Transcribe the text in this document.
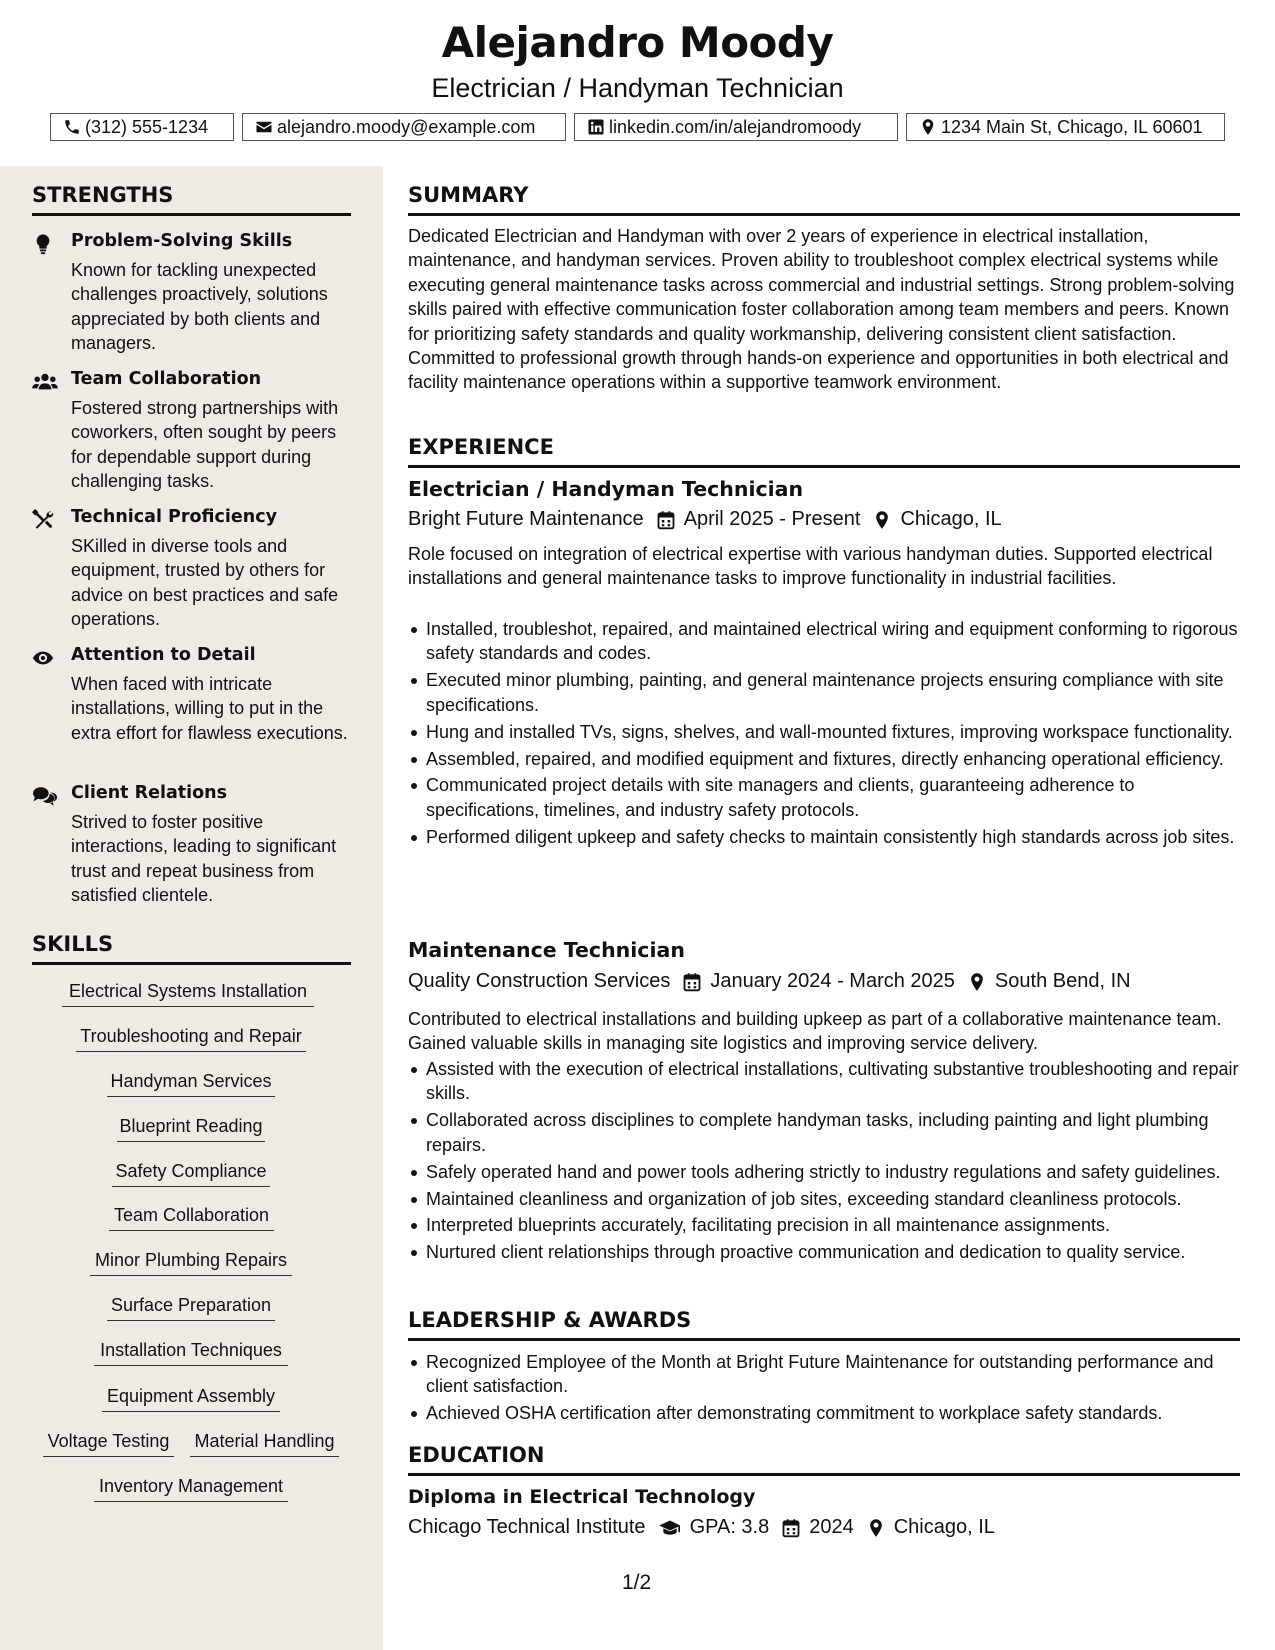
Alejandro Moody
Electrician / Handyman Technician
(312) 555-1234	alejandro.moody@example.com	linkedin.com/in/alejandromoody	1234 Main St, Chicago, IL 60601
STRENGTHS
Problem-Solving Skills
Known for tackling unexpected challenges proactively, solutions appreciated by both clients and managers.
Team Collaboration
Fostered strong partnerships with coworkers, often sought by peers for dependable support during challenging tasks.
Technical Proficiency
SKilled in diverse tools and equipment, trusted by others for advice on best practices and safe operations.
Attention to Detail
When faced with intricate installations, willing to put in the extra effort for flawless executions.
Client Relations
Strived to foster positive interactions, leading to significant trust and repeat business from satisfied clientele.
SKILLS
Electrical Systems Installation
Troubleshooting and Repair
Handyman Services
Blueprint Reading
Safety Compliance
Team Collaboration
Minor Plumbing Repairs
Surface Preparation
Installation Techniques
Equipment Assembly
Voltage Testing Material Handling
Inventory Management
SUMMARY
Dedicated Electrician and Handyman with over 2 years of experience in electrical installation, maintenance, and handyman services. Proven ability to troubleshoot complex electrical systems while executing general maintenance tasks across commercial and industrial settings. Strong problem-solving skills paired with effective communication foster collaboration among team members and peers. Known for prioritizing safety standards and quality workmanship, delivering consistent client satisfaction. Committed to professional growth through hands-on experience and opportunities in both electrical and facility maintenance operations within a supportive teamwork environment.
EXPERIENCE
Electrician / Handyman Technician
Bright Future Maintenance April 2025 - Present Chicago, IL
Role focused on integration of electrical expertise with various handyman duties. Supported electrical installations and general maintenance tasks to improve functionality in industrial facilities.
Installed, troubleshot, repaired, and maintained electrical wiring and equipment conforming to rigorous safety standards and codes.
Executed minor plumbing, painting, and general maintenance projects ensuring compliance with site specifications.
Hung and installed TVs, signs, shelves, and wall-mounted fixtures, improving workspace functionality.
Assembled, repaired, and modified equipment and fixtures, directly enhancing operational efficiency.
Communicated project details with site managers and clients, guaranteeing adherence to specifications, timelines, and industry safety protocols.
Performed diligent upkeep and safety checks to maintain consistently high standards across job sites.
Maintenance Technician
Quality Construction Services January 2024 - March 2025 South Bend, IN
Contributed to electrical installations and building upkeep as part of a collaborative maintenance team. Gained valuable skills in managing site logistics and improving service delivery.
Assisted with the execution of electrical installations, cultivating substantive troubleshooting and repair skills.
Collaborated across disciplines to complete handyman tasks, including painting and light plumbing repairs.
Safely operated hand and power tools adhering strictly to industry regulations and safety guidelines.
Maintained cleanliness and organization of job sites, exceeding standard cleanliness protocols.
Interpreted blueprints accurately, facilitating precision in all maintenance assignments.
Nurtured client relationships through proactive communication and dedication to quality service.
LEADERSHIP & AWARDS
Recognized Employee of the Month at Bright Future Maintenance for outstanding performance and client satisfaction.
Achieved OSHA certification after demonstrating commitment to workplace safety standards.
EDUCATION
Diploma in Electrical Technology
Chicago Technical Institute GPA: 3.8 2024 Chicago, IL
1/2
